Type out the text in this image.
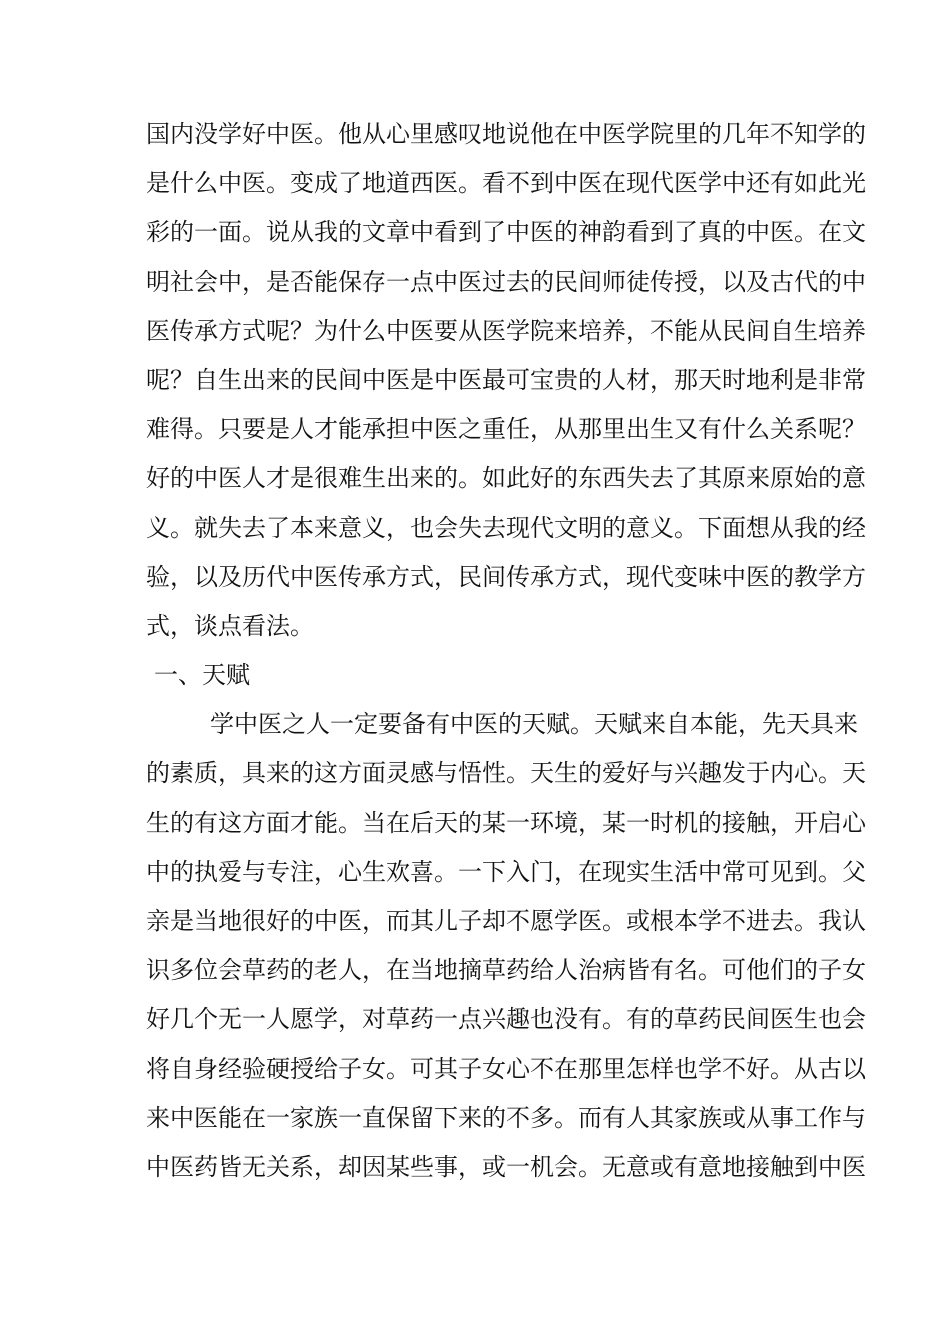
国内没学好中医。他从心里感叹地说他在中医学院里的几年不知学的
是什么中医。变成了地道西医。看不到中医在现代医学中还有如此光
彩的一面。说从我的文章中看到了中医的神韵看到了真的中医。在文
明社会中，是否能保存一点中医过去的民间师徒传授，以及古代的中
医传承方式呢？为什么中医要从医学院来培养，不能从民间自生培养
呢？自生出来的民间中医是中医最可宝贵的人材，那天时地利是非常
难得。只要是人才能承担中医之重任，从那里出生又有什么关系呢？
好的中医人才是很难生出来的。如此好的东西失去了其原来原始的意
义。就失去了本来意义，也会失去现代文明的意义。下面想从我的经
验，以及历代中医传承方式，民间传承方式，现代变味中医的教学方
式，谈点看法。
一、天赋
学中医之人一定要备有中医的天赋。天赋来自本能，先天具来
的素质，具来的这方面灵感与悟性。天生的爱好与兴趣发于内心。天
生的有这方面才能。当在后天的某一环境，某一时机的接触，开启心
中的执爱与专注，心生欢喜。一下入门，在现实生活中常可见到。父
亲是当地很好的中医，而其儿子却不愿学医。或根本学不进去。我认
识多位会草药的老人，在当地摘草药给人治病皆有名。可他们的子女
好几个无一人愿学，对草药一点兴趣也没有。有的草药民间医生也会
将自身经验硬授给子女。可其子女心不在那里怎样也学不好。从古以
来中医能在一家族一直保留下来的不多。而有人其家族或从事工作与
中医药皆无关系，却因某些事，或一机会。无意或有意地接触到中医
